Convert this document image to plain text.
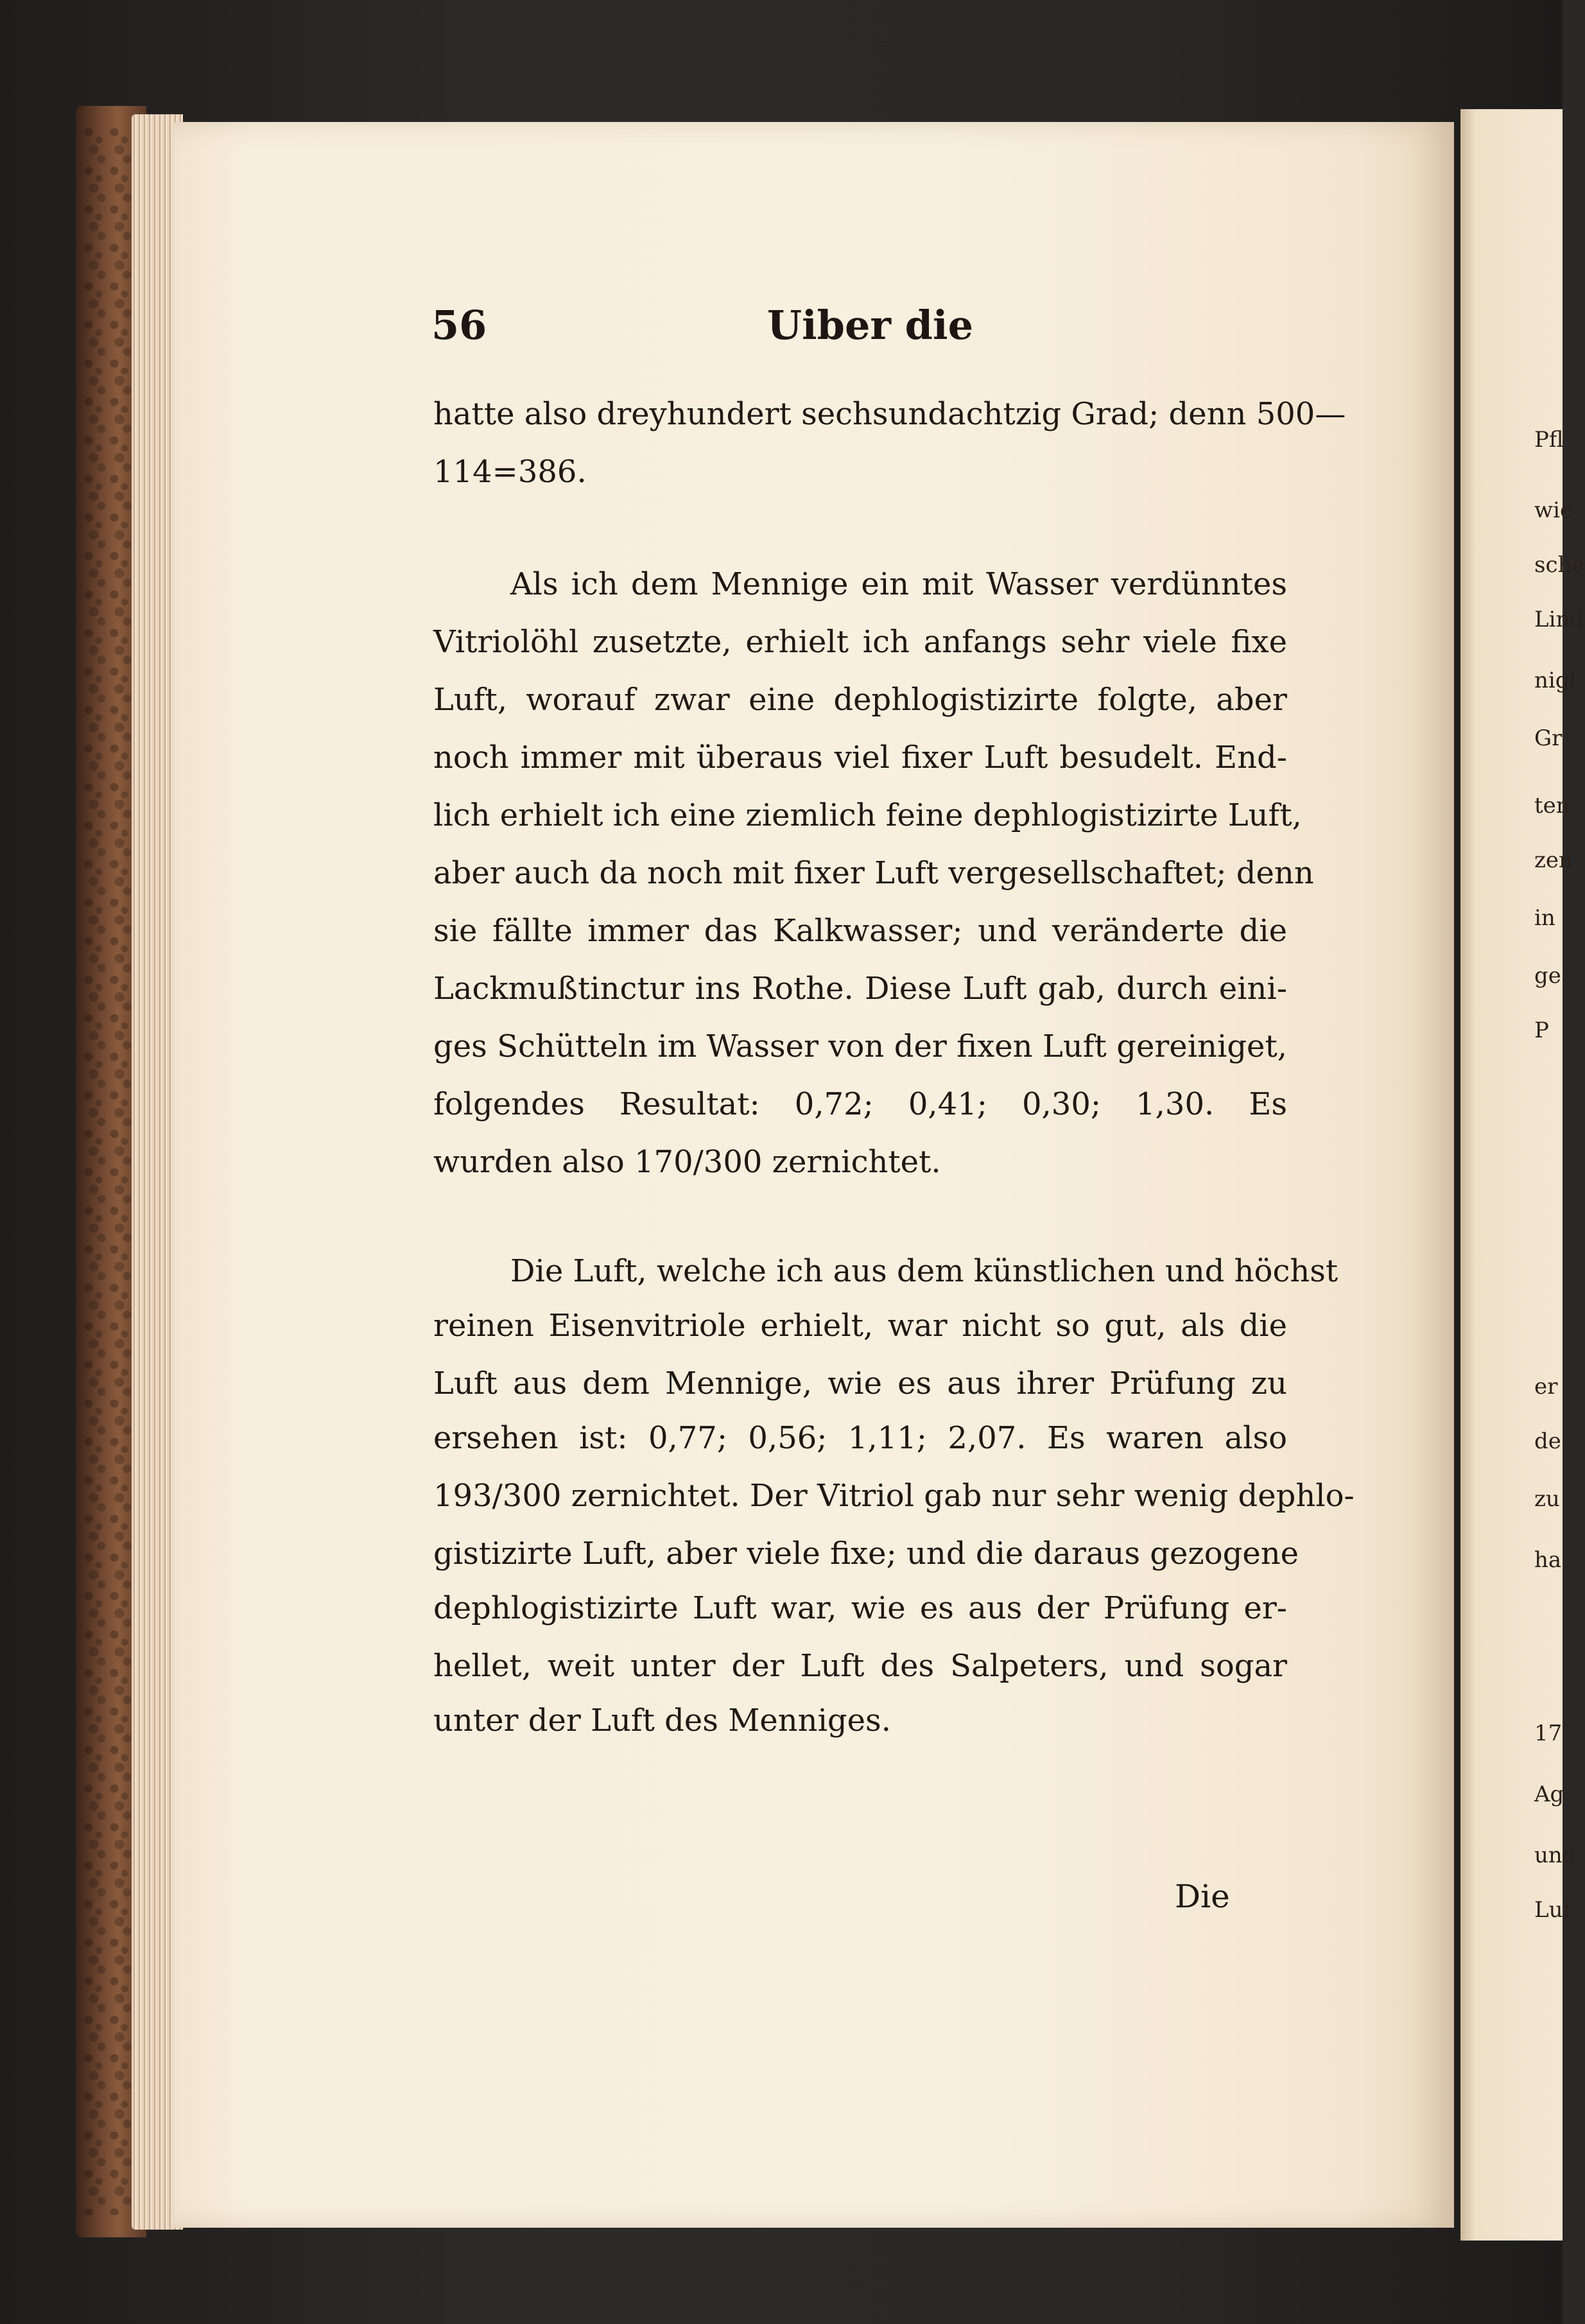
Pfl
wie
sche
Lind
nigl
Gr
ten
zen
in
ge
P
er
de
zu
ha
17
Ag
und
Luf
56	Uiber die
hatte also dreyhundert sechsundachtzig Grad; denn 500—
114=386.
Als ich dem Mennige ein mit Wasser verdünntes
Vitriolöhl zusetzte, erhielt ich anfangs sehr viele fixe
Luft, worauf zwar eine dephlogistizirte folgte, aber
noch immer mit überaus viel fixer Luft besudelt. End-
lich erhielt ich eine ziemlich feine dephlogistizirte Luft,
aber auch da noch mit fixer Luft vergesellschaftet; denn
sie fällte immer das Kalkwasser; und veränderte die
Lackmußtinctur ins Rothe. Diese Luft gab, durch eini-
ges Schütteln im Wasser von der fixen Luft gereiniget,
folgendes Resultat: 0,72; 0,41; 0,30; 1,30. Es
wurden also 170/300 zernichtet.
Die Luft, welche ich aus dem künstlichen und höchst
reinen Eisenvitriole erhielt, war nicht so gut, als die
Luft aus dem Mennige, wie es aus ihrer Prüfung zu
ersehen ist: 0,77; 0,56; 1,11; 2,07. Es waren also
193/300 zernichtet. Der Vitriol gab nur sehr wenig dephlo-
gistizirte Luft, aber viele fixe; und die daraus gezogene
dephlogistizirte Luft war, wie es aus der Prüfung er-
hellet, weit unter der Luft des Salpeters, und sogar
unter der Luft des Menniges.
Die
